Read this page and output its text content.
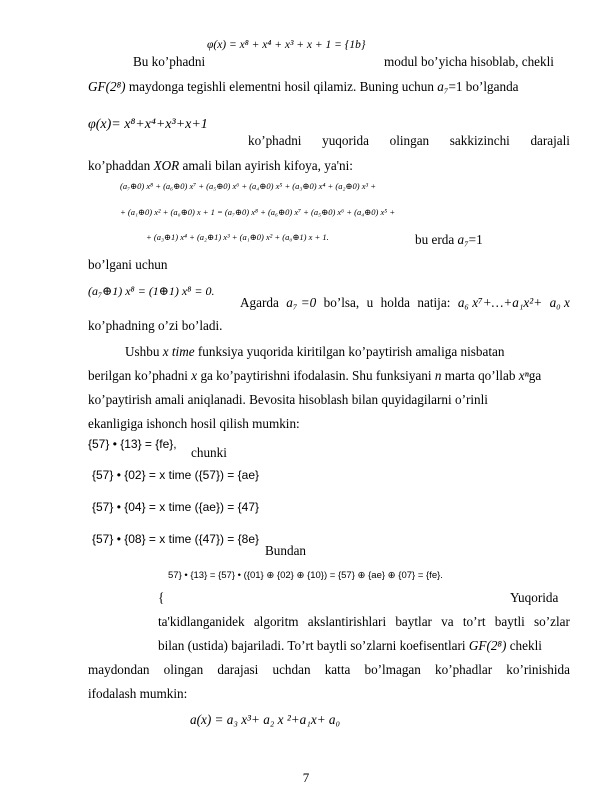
Bu ko’phadni
φ(x) = x⁸ + x⁴ + x³ + x + 1 = {1b}
modul bo’yicha hisoblab, chekli
GF(2⁸) maydonga tegishli elementni hosil qilamiz. Buning uchun a₇=1 bo’lganda
φ(x)= x⁸+x⁴+x³+x+1
ko’phadni yuqorida olingan sakkizinchi darajali
ko’phaddan XOR amali bilan ayirish kifoya, ya'ni:
(a₇⊕0) x⁸ + (a₆⊕0) x⁷ + (a₅⊕0) x⁶ + (a₄⊕0) x⁵ + (a₃⊕0) x⁴ + (a₂⊕0) x³ +
+ (a₁⊕0) x² + (a₀⊕0) x + 1 = (a₇⊕0) x⁸ + (a₆⊕0) x⁷ + (a₅⊕0) x⁶ + (a₄⊕0) x⁵ +
+ (a₃⊕1) x⁴ + (a₂⊕1) x³ + (a₁⊕0) x² + (a₀⊕1) x + 1.	bu erda a₇=1
bo’lgani uchun
(a₇⊕1) x⁸ = (1⊕1) x⁸ = 0.
Agarda a₇ =0 bo’lsa, u holda natija: a₆ x⁷+…+a₁x²+ a₀ x
ko’phadning o’zi bo’ladi.
Ushbu x time funksiya yuqorida kiritilgan ko’paytirish amaliga nisbatan
berilgan ko’phadni x ga ko’paytirishni ifodalasin. Shu funksiyani n marta qo’llab xⁿga
ko’paytirish amali aniqlanadi. Bevosita hisoblash bilan quyidagilarni o’rinli
ekanligiga ishonch hosil qilish mumkin:
{57} • {13} = {fe},
chunki
{57} • {02} = x time ({57}) = {ae}
{57} • {04} = x time ({ae}) = {47}
{57} • {08} = x time ({47}) = {8e}
Bundan
57} • {13} = {57} • ({01} ⊕ {02} ⊕ {10}) = {57} ⊕ {ae} ⊕ {07} = {fe}.
{	Yuqorida
ta'kidlanganidek algoritm akslantirishlari baytlar va to’rt baytli so’zlar
bilan (ustida) bajariladi. To’rt baytli so’zlarni koefisentlari GF(2⁸) chekli
maydondan olingan darajasi uchdan katta bo’lmagan ko’phadlar ko’rinishida
ifodalash mumkin:
a(x) = a₃ x³+ a₂ x ²+a₁x+ a₀
7
